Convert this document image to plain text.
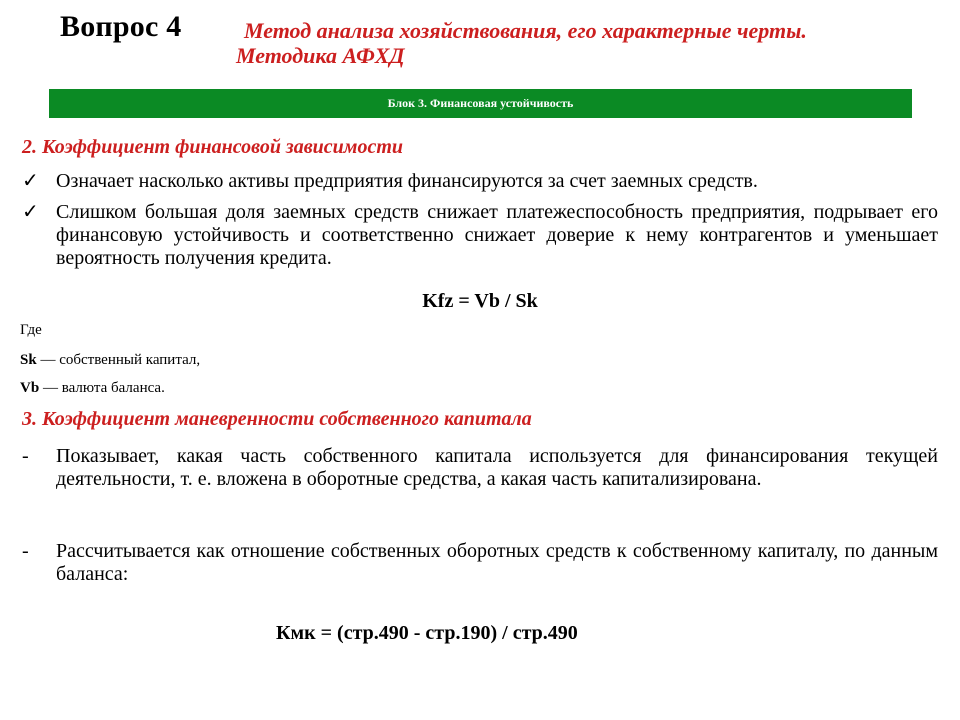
Вопрос 4	Метод анализа хозяйствования, его характерные черты.
Методика АФХД
Блок 3. Финансовая устойчивость
2. Коэффициент финансовой зависимости
✓ Означает насколько активы предприятия финансируются за счет заемных средств.
✓ Слишком большая доля заемных средств снижает платежеспособность предприятия, подрывает его финансовую устойчивость и соответственно снижает доверие к нему контрагентов и уменьшает вероятность получения кредита.
Kfz = Vb / Sk
Где
Sk — собственный капитал,
Vb — валюта баланса.
3. Коэффициент маневренности собственного капитала
- Показывает, какая часть собственного капитала используется для финансирования текущей деятельности, т. е. вложена в оборотные средства, а какая часть капитализирована.
- Рассчитывается как отношение собственных оборотных средств к собственному капиталу, по данным баланса:
Кмк = (стр.490 - стр.190) / стр.490
